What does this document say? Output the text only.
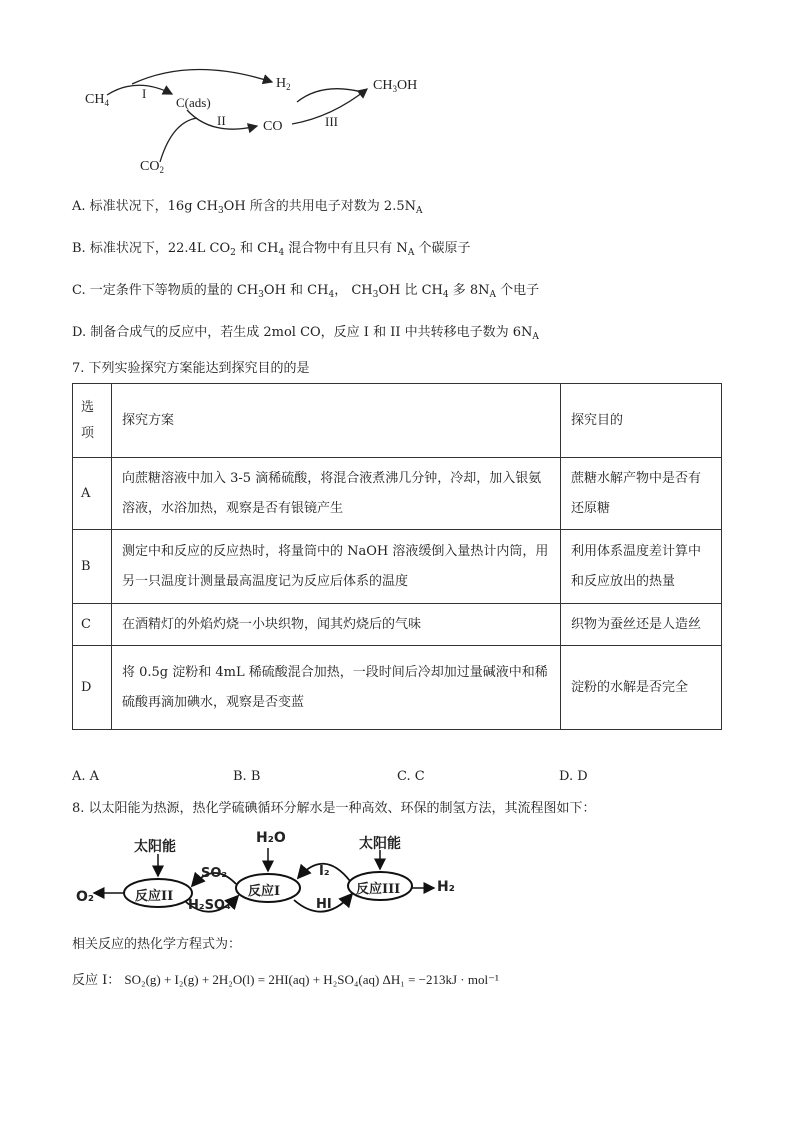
$CH_4$
I
C(ads)
$H_2$
II	CO	III
$CH_3OH$
$CO_2$
A. 标准状况下，16g $CH_3OH$ 所含的共用电子对数为 $2.5N_A$
B. 标准状况下，22.4L $CO_2$ 和 $CH_4$ 混合物中有且只有 $N_A$ 个碳原子
C. 一定条件下等物质的量的 $CH_3OH$ 和 $CH_4$， $CH_3OH$ 比 $CH_4$ 多 $8N_A$ 个电子
D. 制备合成气的反应中，若生成 2mol CO，反应 I 和 II 中共转移电子数为 $6N_A$
7. 下列实验探究方案能达到探究目的的是
选项	探究方案	探究目的
A	向蔗糖溶液中加入 3-5 滴稀硫酸，将混合液煮沸几分钟，冷却，加入银氨溶液，水浴加热，观察是否有银镜产生	蔗糖水解产物中是否有还原糖
B	测定中和反应的反应热时，将量筒中的 NaOH 溶液缓倒入量热计内筒，用另一只温度计测量最高温度记为反应后体系的温度	利用体系温度差计算中和反应放出的热量
C	在酒精灯的外焰灼烧一小块织物，闻其灼烧后的气味	织物为蚕丝还是人造丝
D	将 0.5g 淀粉和 4mL 稀硫酸混合加热，一段时间后冷却加过量碱液中和稀硫酸再滴加碘水，观察是否变蓝	淀粉的水解是否完全
A. A	B. B	C. C	D. D
8. 以太阳能为热源，热化学硫碘循环分解水是一种高效、环保的制氢方法，其流程图如下：
太阳能
H₂O	太阳能
SO₂	I₂
O₂	反应II	反应I	反应III	H₂
H₂SO₄	HI
相关反应的热化学方程式为：
反应 I： SO₂(g) + I₂(g) + 2H₂O(l) = 2HI(aq) + H₂SO₄(aq) ΔH₁ = −213kJ · mol⁻¹
